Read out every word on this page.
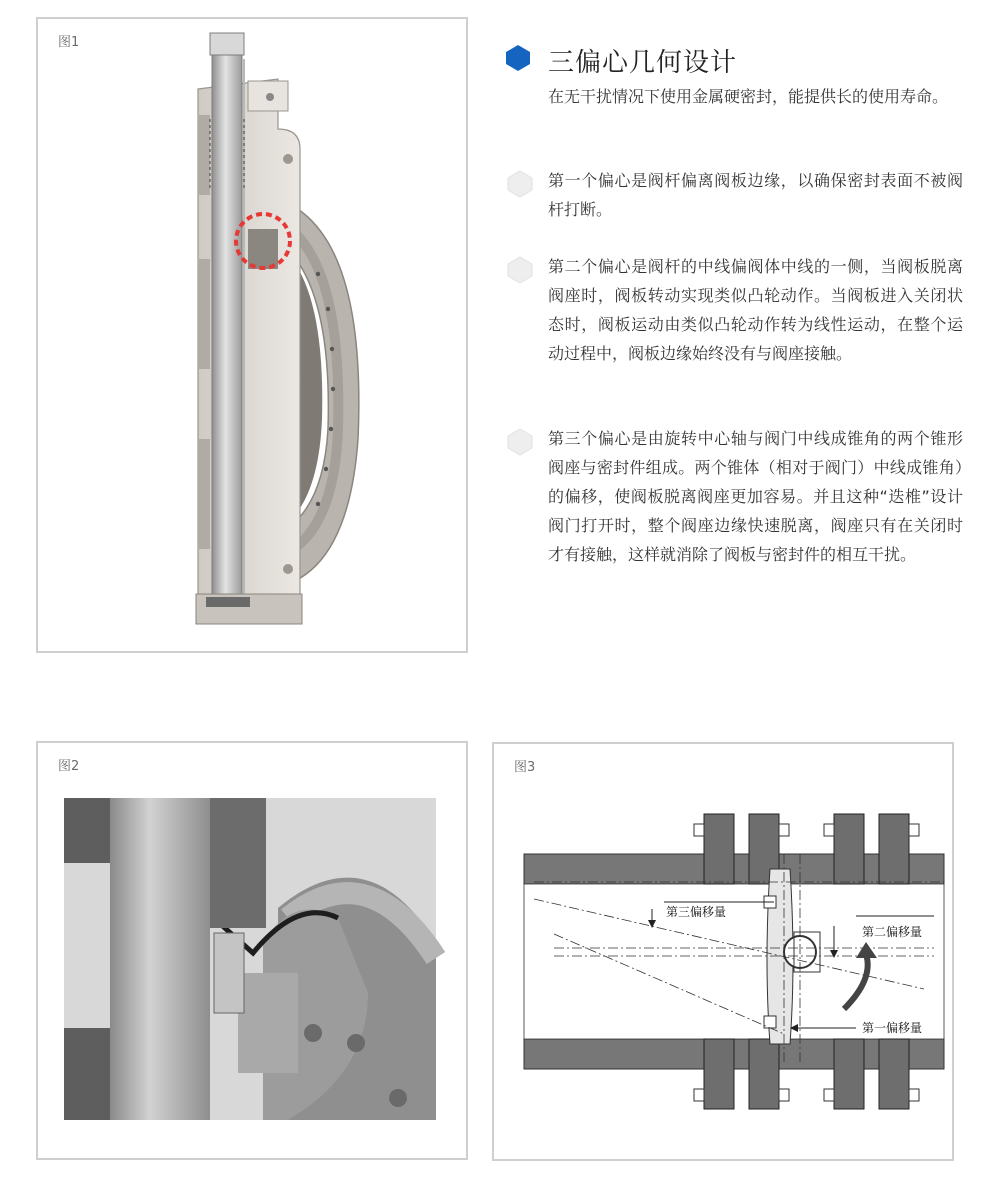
图1
三偏心几何设计
在无干扰情况下使用金属硬密封，能提供长的使用寿命。
第一个偏心是阀杆偏离阀板边缘，以确保密封表面不被阀杆打断。
第二个偏心是阀杆的中线偏阀体中线的一侧，当阀板脱离阀座时，阀板转动实现类似凸轮动作。当阀板进入关闭状态时，阀板运动由类似凸轮动作转为线性运动，在整个运动过程中，阀板边缘始终没有与阀座接触。
第三个偏心是由旋转中心轴与阀门中线成锥角的两个锥形阀座与密封件组成。两个锥体（相对于阀门）中线成锥角）的偏移，使阀板脱离阀座更加容易。并且这种“迭椎”设计阀门打开时，整个阀座边缘快速脱离，阀座只有在关闭时才有接触，这样就消除了阀板与密封件的相互干扰。
图2	图3
第三偏移量
第二偏移量
第一偏移量
